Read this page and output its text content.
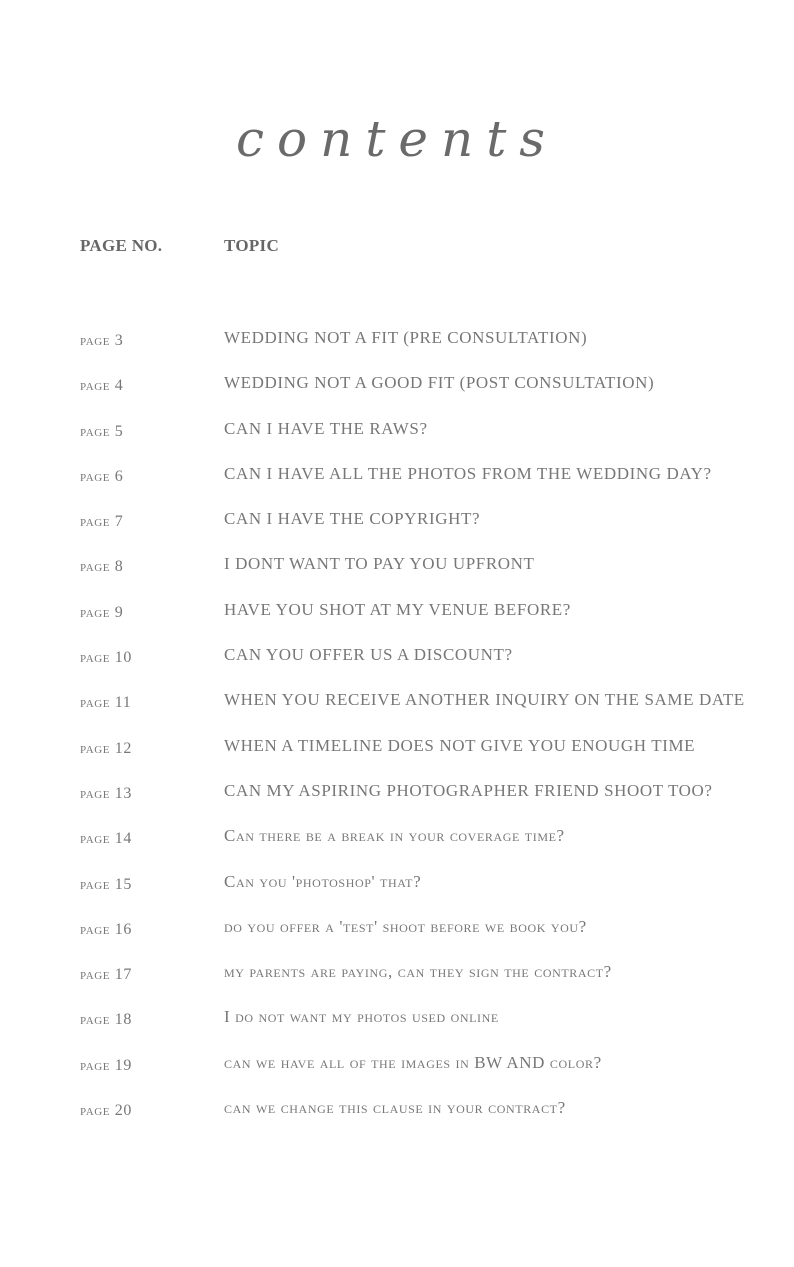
contents
PAGE NO.	TOPIC
page 3	WEDDING NOT A FIT (PRE CONSULTATION)
page 4	WEDDING NOT A GOOD FIT (POST CONSULTATION)
page 5	CAN I HAVE THE RAWS?
page 6	CAN I HAVE ALL THE PHOTOS FROM THE WEDDING DAY?
page 7	CAN I HAVE THE COPYRIGHT?
page 8	I DONT WANT TO PAY YOU UPFRONT
page 9	HAVE YOU SHOT AT MY VENUE BEFORE?
page 10	CAN YOU OFFER US A DISCOUNT?
page 11	WHEN YOU RECEIVE ANOTHER INQUIRY ON THE SAME DATE
page 12	WHEN A TIMELINE DOES NOT GIVE YOU ENOUGH TIME
page 13	CAN MY ASPIRING PHOTOGRAPHER FRIEND SHOOT TOO?
page 14	Can there be a break in your coverage time?
page 15	Can you 'photoshop' that?
page 16	do you offer a 'test' shoot before we book you?
page 17	my parents are paying, can they sign the contract?
page 18	I do not want my photos used online
page 19	can we have all of the images in BW AND color?
page 20	can we change this clause in your contract?
